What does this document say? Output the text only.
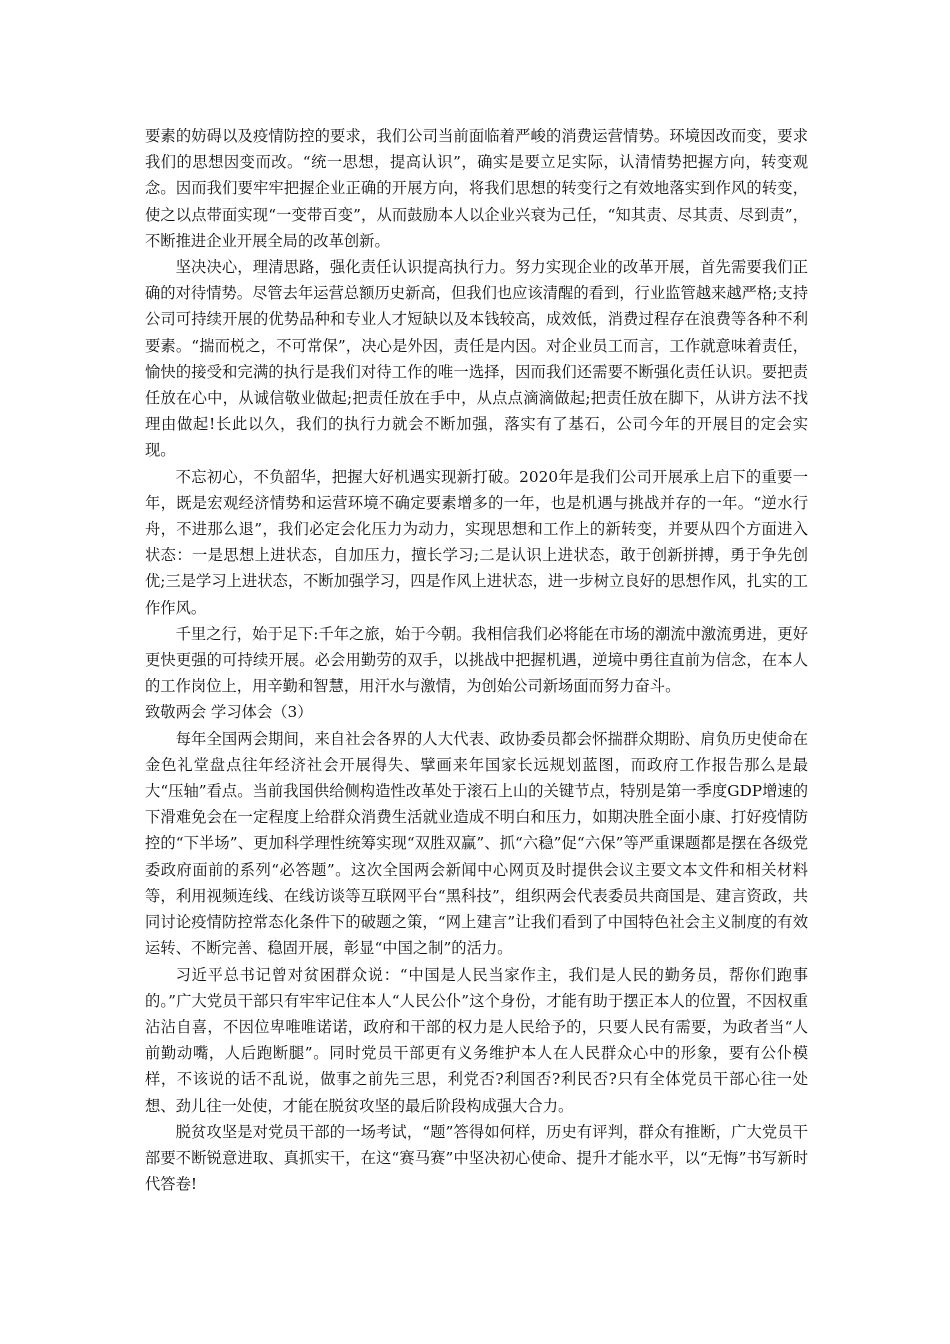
要素的妨碍以及疫情防控的要求，我们公司当前面临着严峻的消费运营情势。环境因改而变，要求我们的思想因变而改。“统一思想，提高认识”，确实是要立足实际，认清情势把握方向，转变观念。因而我们要牢牢把握企业正确的开展方向，将我们思想的转变行之有效地落实到作风的转变，使之以点带面实现“一变带百变”，从而鼓励本人以企业兴衰为己任，“知其责、尽其责、尽到责”，不断推进企业开展全局的改革创新。

坚决决心，理清思路，强化责任认识提高执行力。努力实现企业的改革开展，首先需要我们正确的对待情势。尽管去年运营总额历史新高，但我们也应该清醒的看到，行业监管越来越严格;支持公司可持续开展的优势品种和专业人才短缺以及本钱较高，成效低，消费过程存在浪费等各种不利要素。“揣而棁之，不可常保”，决心是外因，责任是内因。对企业员工而言，工作就意味着责任，愉快的接受和完满的执行是我们对待工作的唯一选择，因而我们还需要不断强化责任认识。要把责任放在心中，从诚信敬业做起;把责任放在手中，从点点滴滴做起;把责任放在脚下，从讲方法不找理由做起!长此以久，我们的执行力就会不断加强，落实有了基石，公司今年的开展目的定会实现。

不忘初心，不负韶华，把握大好机遇实现新打破。2020年是我们公司开展承上启下的重要一年，既是宏观经济情势和运营环境不确定要素增多的一年，也是机遇与挑战并存的一年。“逆水行舟，不进那么退”，我们必定会化压力为动力，实现思想和工作上的新转变，并要从四个方面进入状态：一是思想上进状态，自加压力，擅长学习;二是认识上进状态，敢于创新拼搏，勇于争先创优;三是学习上进状态，不断加强学习，四是作风上进状态，进一步树立良好的思想作风，扎实的工作作风。

千里之行，始于足下:千年之旅，始于今朝。我相信我们必将能在市场的潮流中激流勇进，更好更快更强的可持续开展。必会用勤劳的双手，以挑战中把握机遇，逆境中勇往直前为信念，在本人的工作岗位上，用辛勤和智慧，用汗水与激情，为创始公司新场面而努力奋斗。

致敬两会 学习体会（3）

每年全国两会期间，来自社会各界的人大代表、政协委员都会怀揣群众期盼、肩负历史使命在金色礼堂盘点往年经济社会开展得失、擘画来年国家长远规划蓝图，而政府工作报告那么是最大“压轴”看点。当前我国供给侧构造性改革处于滚石上山的关键节点，特别是第一季度GDP增速的下滑难免会在一定程度上给群众消费生活就业造成不明白和压力，如期决胜全面小康、打好疫情防控的“下半场”、更加科学理性统筹实现“双胜双赢”、抓“六稳”促“六保”等严重课题都是摆在各级党委政府面前的系列“必答题”。这次全国两会新闻中心网页及时提供会议主要文本文件和相关材料等，利用视频连线、在线访谈等互联网平台“黑科技”，组织两会代表委员共商国是、建言资政，共同讨论疫情防控常态化条件下的破题之策，“网上建言”让我们看到了中国特色社会主义制度的有效运转、不断完善、稳固开展，彰显“中国之制”的活力。

习近平总书记曾对贫困群众说：“中国是人民当家作主，我们是人民的勤务员，帮你们跑事的。”广大党员干部只有牢牢记住本人“人民公仆”这个身份，才能有助于摆正本人的位置，不因权重沾沾自喜，不因位卑唯唯诺诺，政府和干部的权力是人民给予的，只要人民有需要，为政者当“人前勤动嘴，人后跑断腿”。同时党员干部更有义务维护本人在人民群众心中的形象，要有公仆模样，不该说的话不乱说，做事之前先三思，利党否?利国否?利民否?只有全体党员干部心往一处想、劲儿往一处使，才能在脱贫攻坚的最后阶段构成强大合力。

脱贫攻坚是对党员干部的一场考试，“题”答得如何样，历史有评判，群众有推断，广大党员干部要不断锐意进取、真抓实干，在这“赛马赛”中坚决初心使命、提升才能水平，以“无悔”书写新时代答卷!
